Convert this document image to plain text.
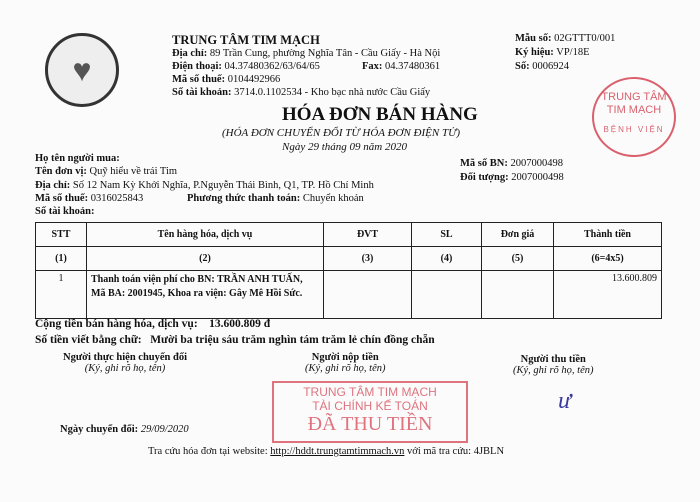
♥
TRUNG TÂM TIM MẠCH
Địa chỉ: 89 Trần Cung, phường Nghĩa Tân - Cầu Giấy - Hà Nội
Điện thoại: 04.37480362/63/64/65	Fax: 04.37480361
Mã số thuế: 0104492966
Số tài khoản: 3714.0.1102534 - Kho bạc nhà nước Cầu Giấy
Mẫu số: 02GTTT0/001
Ký hiệu: VP/18E
Số: 0006924
TRUNG TÂM
TIM MẠCH
BỆNH VIỆN
HÓA ĐƠN BÁN HÀNG
(HÓA ĐƠN CHUYỂN ĐỔI TỪ HÓA ĐƠN ĐIỆN TỬ)
Ngày 29 tháng 09 năm 2020
Họ tên người mua:
Tên đơn vị: Quỹ hiểu về trái Tim
Địa chỉ: Số 12 Nam Kỳ Khởi Nghĩa, P.Nguyễn Thái Bình, Q1, TP. Hồ Chí Minh
Mã số thuế: 0316025843	Phương thức thanh toán: Chuyển khoản
Số tài khoản:
Mã số BN: 2007000498
Đối tượng: 2007000498
STT	Tên hàng hóa, dịch vụ	ĐVT	SL	Đơn giá	Thành tiền
(1)	(2)	(3)	(4)	(5)	(6=4x5)
1	Thanh toán viện phí cho BN: TRẦN ANH TUẤN, Mã BA: 2001945, Khoa ra viện: Gây Mê Hồi Sức.				13.600.809
Cộng tiền bán hàng hóa, dịch vụ: 13.600.809 đ
Số tiền viết bằng chữ: Mười ba triệu sáu trăm nghìn tám trăm lẻ chín đồng chẵn
Người thực hiện chuyển đổi
(Ký, ghi rõ họ, tên)
Người nộp tiền
(Ký, ghi rõ họ, tên)
Người thu tiền
(Ký, ghi rõ họ, tên)
TRUNG TÂM TIM MẠCH
TÀI CHÍNH KẾ TOÁN
ĐÃ THU TIỀN
ư
Ngày chuyển đổi: 29/09/2020
Tra cứu hóa đơn tại website: http://hddt.trungtamtimmach.vn với mã tra cứu: 4JBLN
